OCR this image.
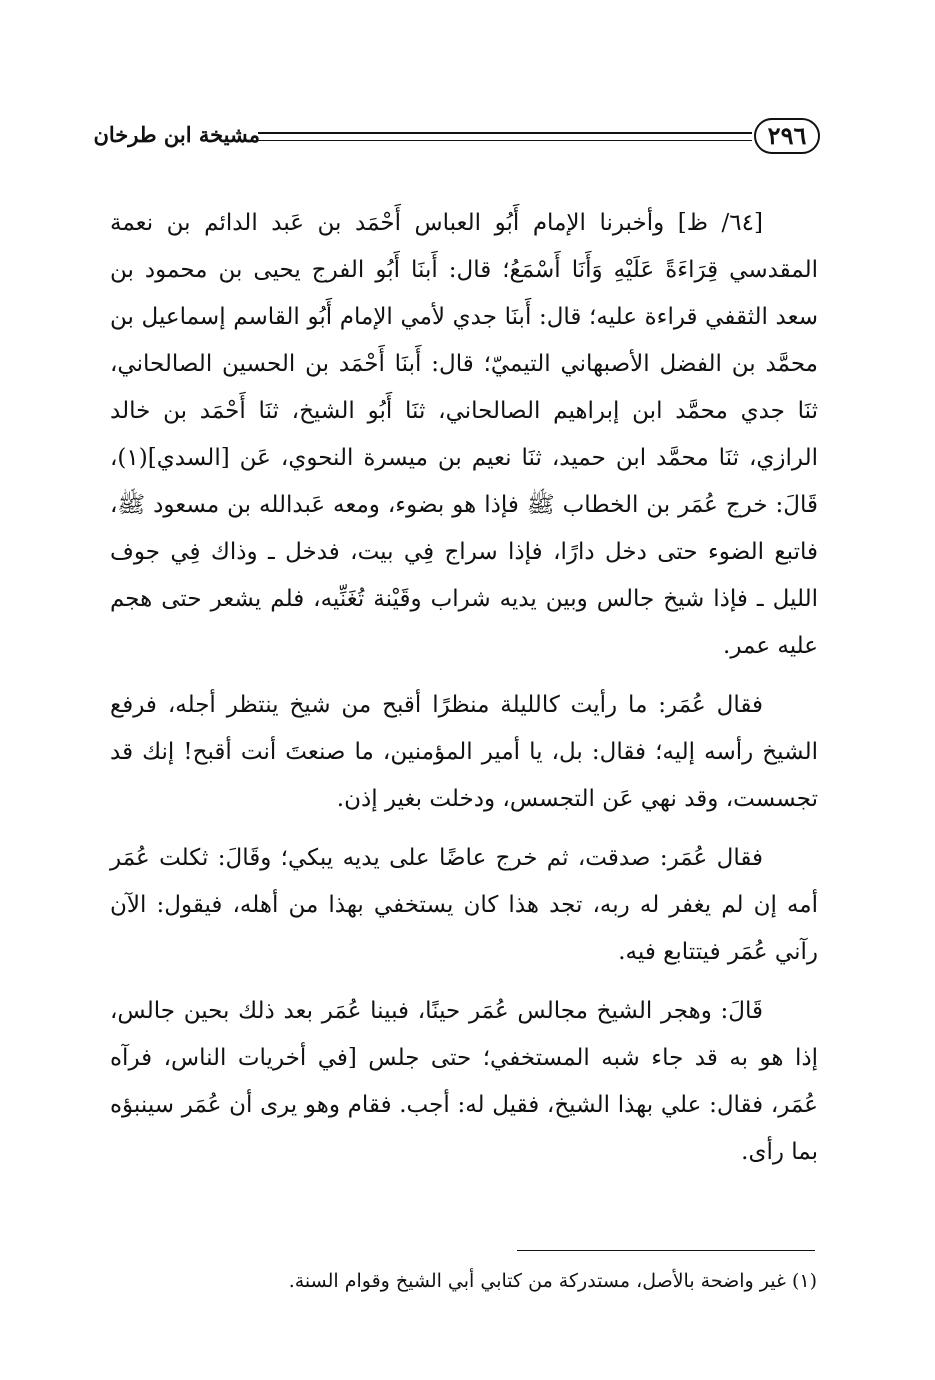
٢٩٦
مشيخة ابن طرخان

[٦٤/ ظ] وأخبرنا الإمام أَبُو العباس أَحْمَد بن عَبد الدائم بن نعمة المقدسي قِرَاءَةً عَلَيْهِ وَأَنَا أَسْمَعُ؛ قال: أَبنَا أَبُو الفرج يحيى بن محمود بن سعد الثقفي قراءة عليه؛ قال: أَبنَا جدي لأمي الإمام أَبُو القاسم إسماعيل بن محمَّد بن الفضل الأصبهاني التيميّ؛ قال: أَبنَا أَحْمَد بن الحسين الصالحاني، ثنَا جدي محمَّد ابن إبراهيم الصالحاني، ثنَا أَبُو الشيخ، ثنَا أَحْمَد بن خالد الرازي، ثنَا محمَّد ابن حميد، ثنَا نعيم بن ميسرة النحوي، عَن [السدي](١)، قَالَ: خرج عُمَر بن الخطاب ﷺ فإذا هو بضوء، ومعه عَبدالله بن مسعود ﷺ، فاتبع الضوء حتى دخل دارًا، فإذا سراج فِي بيت، فدخل ـ وذاك فِي جوف الليل ـ فإذا شيخ جالس وبين يديه شراب وقَيْنة تُغَنِّيه، فلم يشعر حتى هجم عليه عمر.

فقال عُمَر: ما رأيت كالليلة منظرًا أقبح من شيخ ينتظر أجله، فرفع الشيخ رأسه إليه؛ فقال: بل، يا أمير المؤمنين، ما صنعتَ أنت أقبح! إنك قد تجسست، وقد نهي عَن التجسس، ودخلت بغير إذن.

فقال عُمَر: صدقت، ثم خرج عاضًا على يديه يبكي؛ وقَالَ: ثكلت عُمَر أمه إن لم يغفر له ربه، تجد هذا كان يستخفي بهذا من أهله، فيقول: الآن رآني عُمَر فيتتابع فيه.

قَالَ: وهجر الشيخ مجالس عُمَر حينًا، فبينا عُمَر بعد ذلك بحين جالس، إذا هو به قد جاء شبه المستخفي؛ حتى جلس [في أخريات الناس، فرآه عُمَر، فقال: علي بهذا الشيخ، فقيل له: أجب. فقام وهو يرى أن عُمَر سينبؤه بما رأى.

(١) غير واضحة بالأصل، مستدركة من كتابي أبي الشيخ وقوام السنة.
